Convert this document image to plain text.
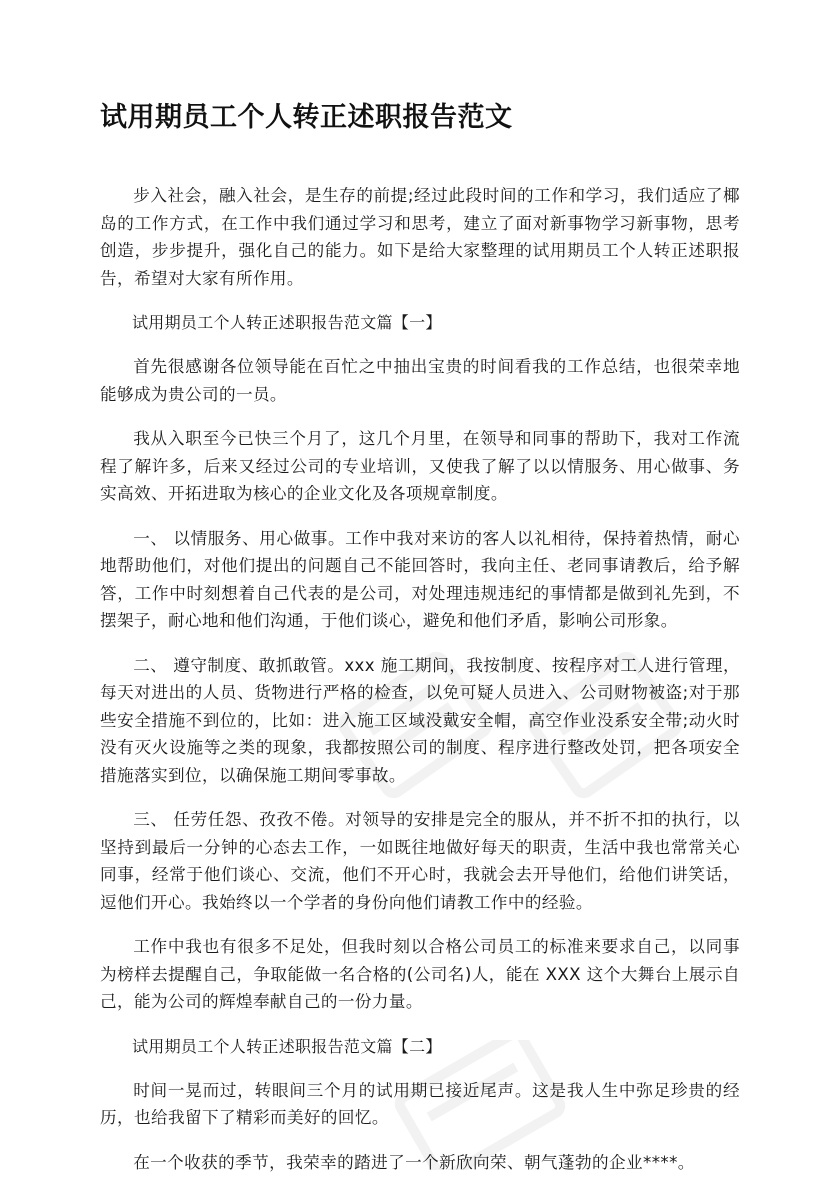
试用期员工个人转正述职报告范文

步入社会，融入社会，是生存的前提;经过此段时间的工作和学习，我们适应了椰岛的工作方式，在工作中我们通过学习和思考，建立了面对新事物学习新事物，思考创造，步步提升，强化自己的能力。如下是给大家整理的试用期员工个人转正述职报告，希望对大家有所作用。

试用期员工个人转正述职报告范文篇【一】

首先很感谢各位领导能在百忙之中抽出宝贵的时间看我的工作总结，也很荣幸地能够成为贵公司的一员。

我从入职至今已快三个月了，这几个月里，在领导和同事的帮助下，我对工作流程了解许多，后来又经过公司的专业培训，又使我了解了以以情服务、用心做事、务实高效、开拓进取为核心的企业文化及各项规章制度。

一、 以情服务、用心做事。工作中我对来访的客人以礼相待，保持着热情，耐心地帮助他们，对他们提出的问题自己不能回答时，我向主任、老同事请教后，给予解答，工作中时刻想着自己代表的是公司，对处理违规违纪的事情都是做到礼先到，不摆架子，耐心地和他们沟通，于他们谈心，避免和他们矛盾，影响公司形象。

二、 遵守制度、敢抓敢管。xxx 施工期间，我按制度、按程序对工人进行管理，每天对进出的人员、货物进行严格的检查，以免可疑人员进入、公司财物被盗;对于那些安全措施不到位的，比如：进入施工区域没戴安全帽，高空作业没系安全带;动火时没有灭火设施等之类的现象，我都按照公司的制度、程序进行整改处罚，把各项安全措施落实到位，以确保施工期间零事故。

三、 任劳任怨、孜孜不倦。对领导的安排是完全的服从，并不折不扣的执行，以坚持到最后一分钟的心态去工作，一如既往地做好每天的职责，生活中我也常常关心同事，经常于他们谈心、交流，他们不开心时，我就会去开导他们，给他们讲笑话，逗他们开心。我始终以一个学者的身份向他们请教工作中的经验。

工作中我也有很多不足处，但我时刻以合格公司员工的标准来要求自己，以同事为榜样去提醒自己，争取能做一名合格的(公司名)人，能在 XXX 这个大舞台上展示自己，能为公司的辉煌奉献自己的一份力量。

试用期员工个人转正述职报告范文篇【二】

时间一晃而过，转眼间三个月的试用期已接近尾声。这是我人生中弥足珍贵的经历，也给我留下了精彩而美好的回忆。

在一个收获的季节，我荣幸的踏进了一个新欣向荣、朝气蓬勃的企业****。
